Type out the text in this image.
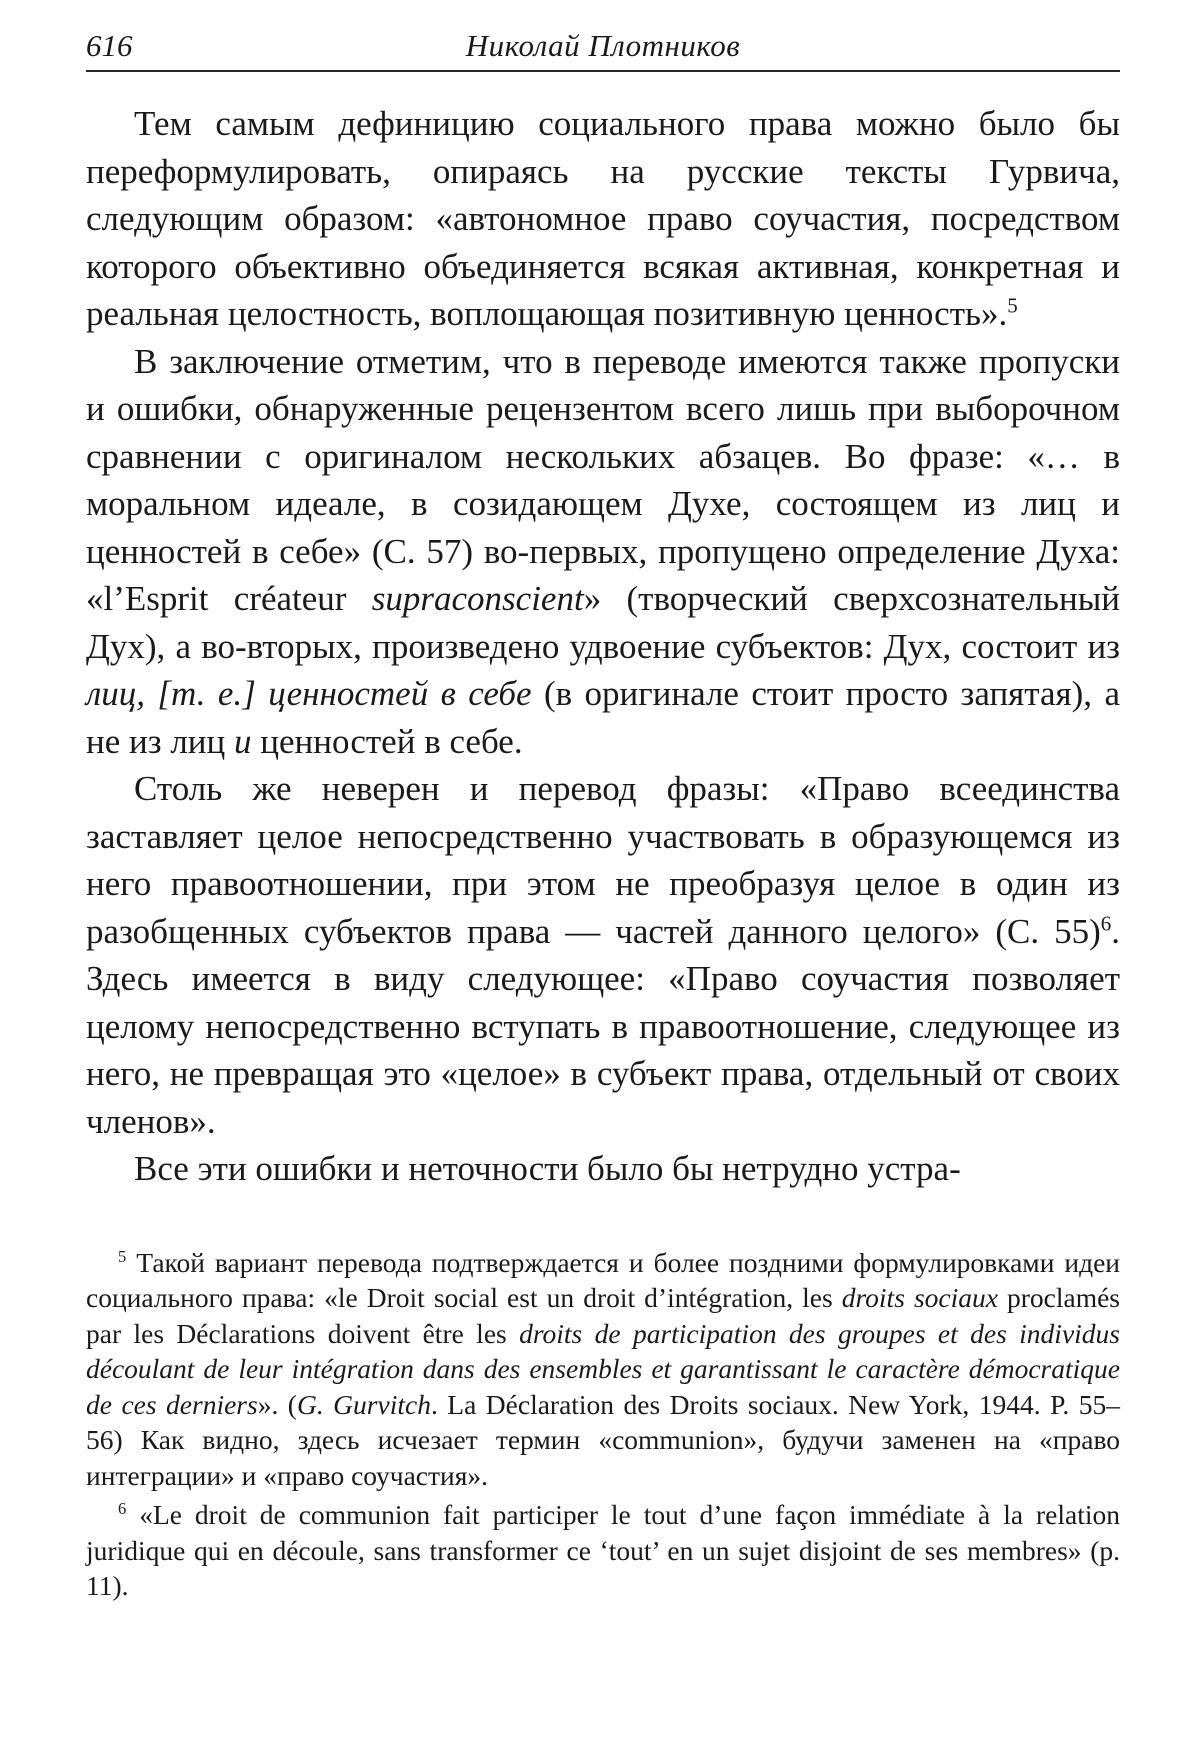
616	Николай Плотников

Тем самым дефиницию социального права можно было бы переформулировать, опираясь на русские тексты Гурвича, следующим образом: «автономное право соучастия, посредством которого объективно объединяется всякая активная, конкретная и реальная целостность, воплощающая позитивную ценность».$^5$

В заключение отметим, что в переводе имеются также пропуски и ошибки, обнаруженные рецензентом всего лишь при выборочном сравнении с оригиналом нескольких абзацев. Во фразе: «… в моральном идеале, в созидающем Духе, состоящем из лиц и ценностей в себе» (С. 57) во-первых, пропущено определение Духа: «l’Esprit créateur supraconscient» (творческий сверхсознательный Дух), а во-вторых, произведено удвоение субъектов: Дух, состоит из лиц, [т. е.] ценностей в себе (в оригинале стоит просто запятая), а не из лиц и ценностей в себе.

Столь же неверен и перевод фразы: «Право всеединства заставляет целое непосредственно участвовать в образующемся из него правоотношении, при этом не преобразуя целое в один из разобщенных субъектов права — частей данного целого» (С. 55)$^6$. Здесь имеется в виду следующее: «Право соучастия позволяет целому непосредственно вступать в правоотношение, следующее из него, не превращая это «целое» в субъект права, отдельный от своих членов».

Все эти ошибки и неточности было бы нетрудно устра-

$^5$ Такой вариант перевода подтверждается и более поздними формулировками идеи социального права: «le Droit social est un droit d’intégration, les droits sociaux proclamés par les Déclarations doivent être les droits de participation des groupes et des individus découlant de leur intégration dans des ensembles et garantissant le caractère démocratique de ces derniers». (G. Gurvitch. La Déclaration des Droits sociaux. New York, 1944. P. 55–56) Как видно, здесь исчезает термин «communion», будучи заменен на «право интеграции» и «право соучастия».

$^6$ «Le droit de communion fait participer le tout d’une façon immédiate à la relation juridique qui en découle, sans transformer ce ‘tout’ en un sujet disjoint de ses membres» (p. 11).
